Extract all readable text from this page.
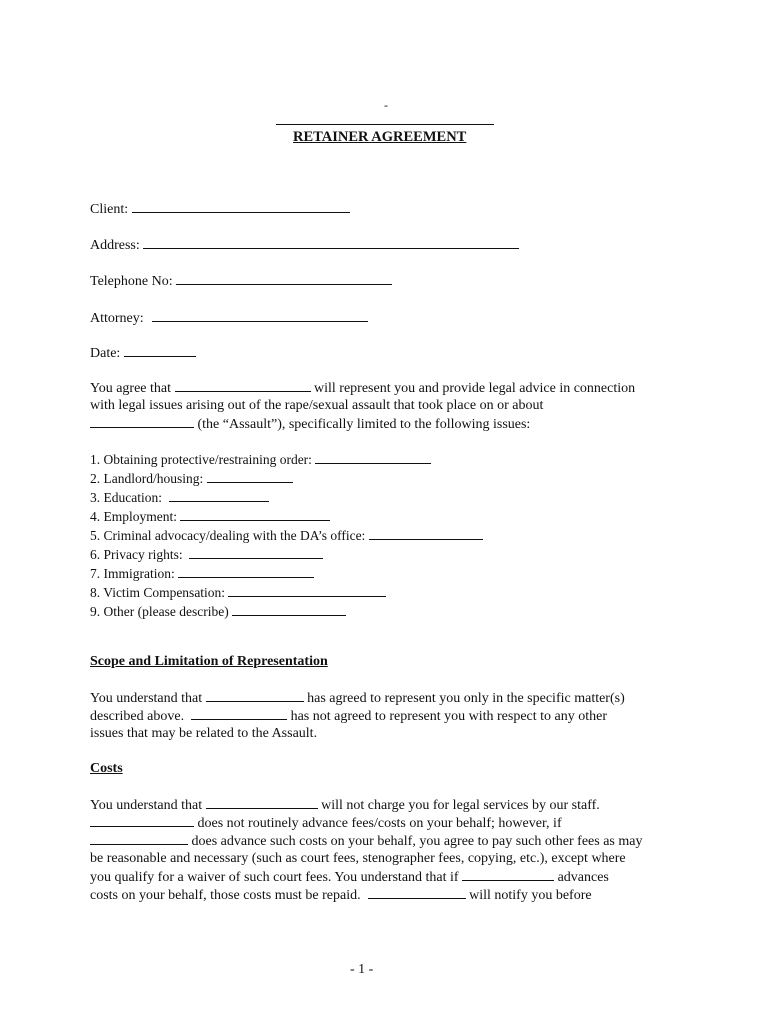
-
RETAINER AGREEMENT
Client:
Address:
Telephone No:
Attorney:
Date:
You agree that	will represent you and provide legal advice in connection
with legal issues arising out of the rape/sexual assault that took place on or about
(the “Assault”), specifically limited to the following issues:
1. Obtaining protective/restraining order:
2. Landlord/housing:
3. Education:
4. Employment:
5. Criminal advocacy/dealing with the DA’s office:
6. Privacy rights:
7. Immigration:
8. Victim Compensation:
9. Other (please describe)
Scope and Limitation of Representation
You understand that	has agreed to represent you only in the specific matter(s)
described above.	has not agreed to represent you with respect to any other
issues that may be related to the Assault.
Costs
You understand that	will not charge you for legal services by our staff.
does not routinely advance fees/costs on your behalf; however, if
does advance such costs on your behalf, you agree to pay such other fees as may
be reasonable and necessary (such as court fees, stenographer fees, copying, etc.), except where
you qualify for a waiver of such court fees. You understand that if	advances
costs on your behalf, those costs must be repaid.	will notify you before
- 1 -
